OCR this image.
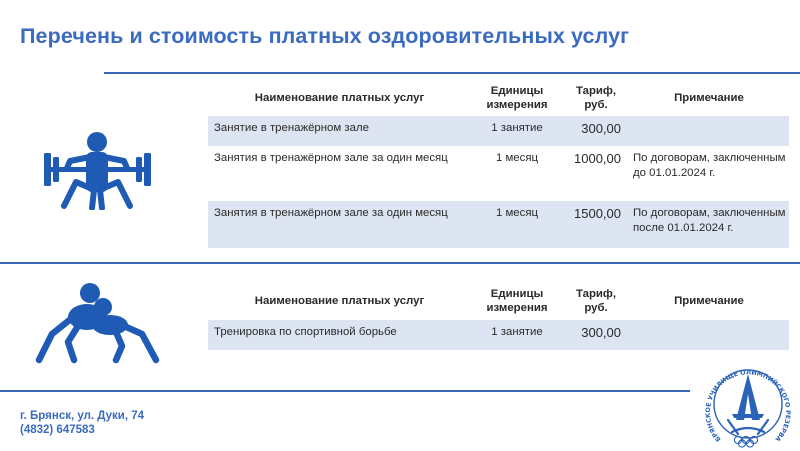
Перечень и стоимость платных оздоровительных услуг
Наименование платных услуг	Единицы измерения	Тариф, руб.	Примечание
Занятие в тренажёрном зале	1 занятие	300,00	
Занятия в тренажёрном зале за один месяц	1 месяц	1000,00	По договорам, заключенным до 01.01.2024 г.
Занятия в тренажёрном зале за один месяц	1 месяц	1500,00	По договорам, заключенным после 01.01.2024 г.
Наименование платных услуг	Единицы измерения	Тариф, руб.	Примечание
Тренировка по спортивной борьбе	1 занятие	300,00	
г. Брянск, ул. Дуки, 74
(4832) 647583
БРЯНСКОЕ УЧИЛИЩЕ ОЛИМПИЙСКОГО РЕЗЕРВА
